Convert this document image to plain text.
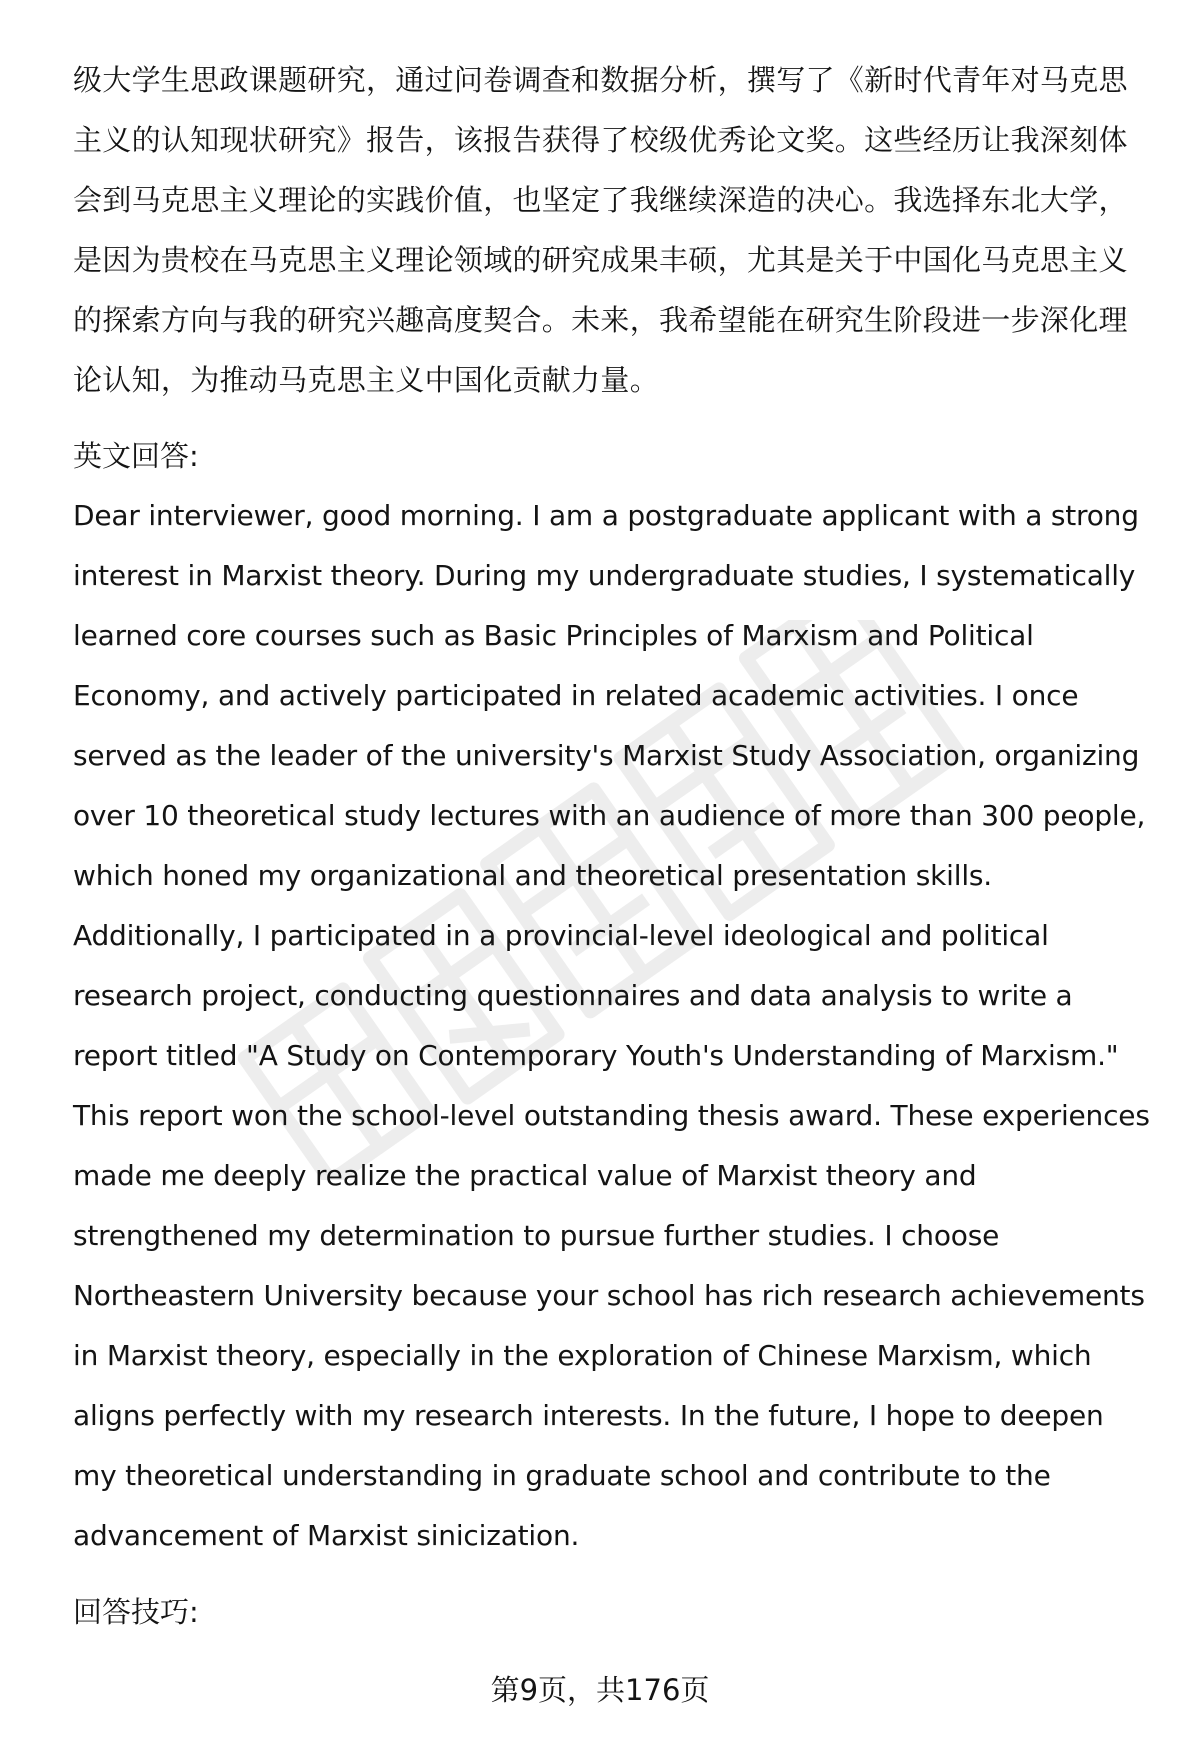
级大学生思政课题研究，通过问卷调查和数据分析，撰写了《新时代青年对马克思主义的认知现状研究》报告，该报告获得了校级优秀论文奖。这些经历让我深刻体会到马克思主义理论的实践价值，也坚定了我继续深造的决心。我选择东北大学，是因为贵校在马克思主义理论领域的研究成果丰硕，尤其是关于中国化马克思主义的探索方向与我的研究兴趣高度契合。未来，我希望能在研究生阶段进一步深化理论认知，为推动马克思主义中国化贡献力量。

英文回答:

Dear interviewer, good morning. I am a postgraduate applicant with a strong interest in Marxist theory. During my undergraduate studies, I systematically learned core courses such as Basic Principles of Marxism and Political Economy, and actively participated in related academic activities. I once served as the leader of the university's Marxist Study Association, organizing over 10 theoretical study lectures with an audience of more than 300 people, which honed my organizational and theoretical presentation skills. Additionally, I participated in a provincial-level ideological and political research project, conducting questionnaires and data analysis to write a report titled "A Study on Contemporary Youth's Understanding of Marxism." This report won the school-level outstanding thesis award. These experiences made me deeply realize the practical value of Marxist theory and strengthened my determination to pursue further studies. I choose Northeastern University because your school has rich research achievements in Marxist theory, especially in the exploration of Chinese Marxism, which aligns perfectly with my research interests. In the future, I hope to deepen my theoretical understanding in graduate school and contribute to the advancement of Marxist sinicization.

回答技巧:

第9页，共176页
